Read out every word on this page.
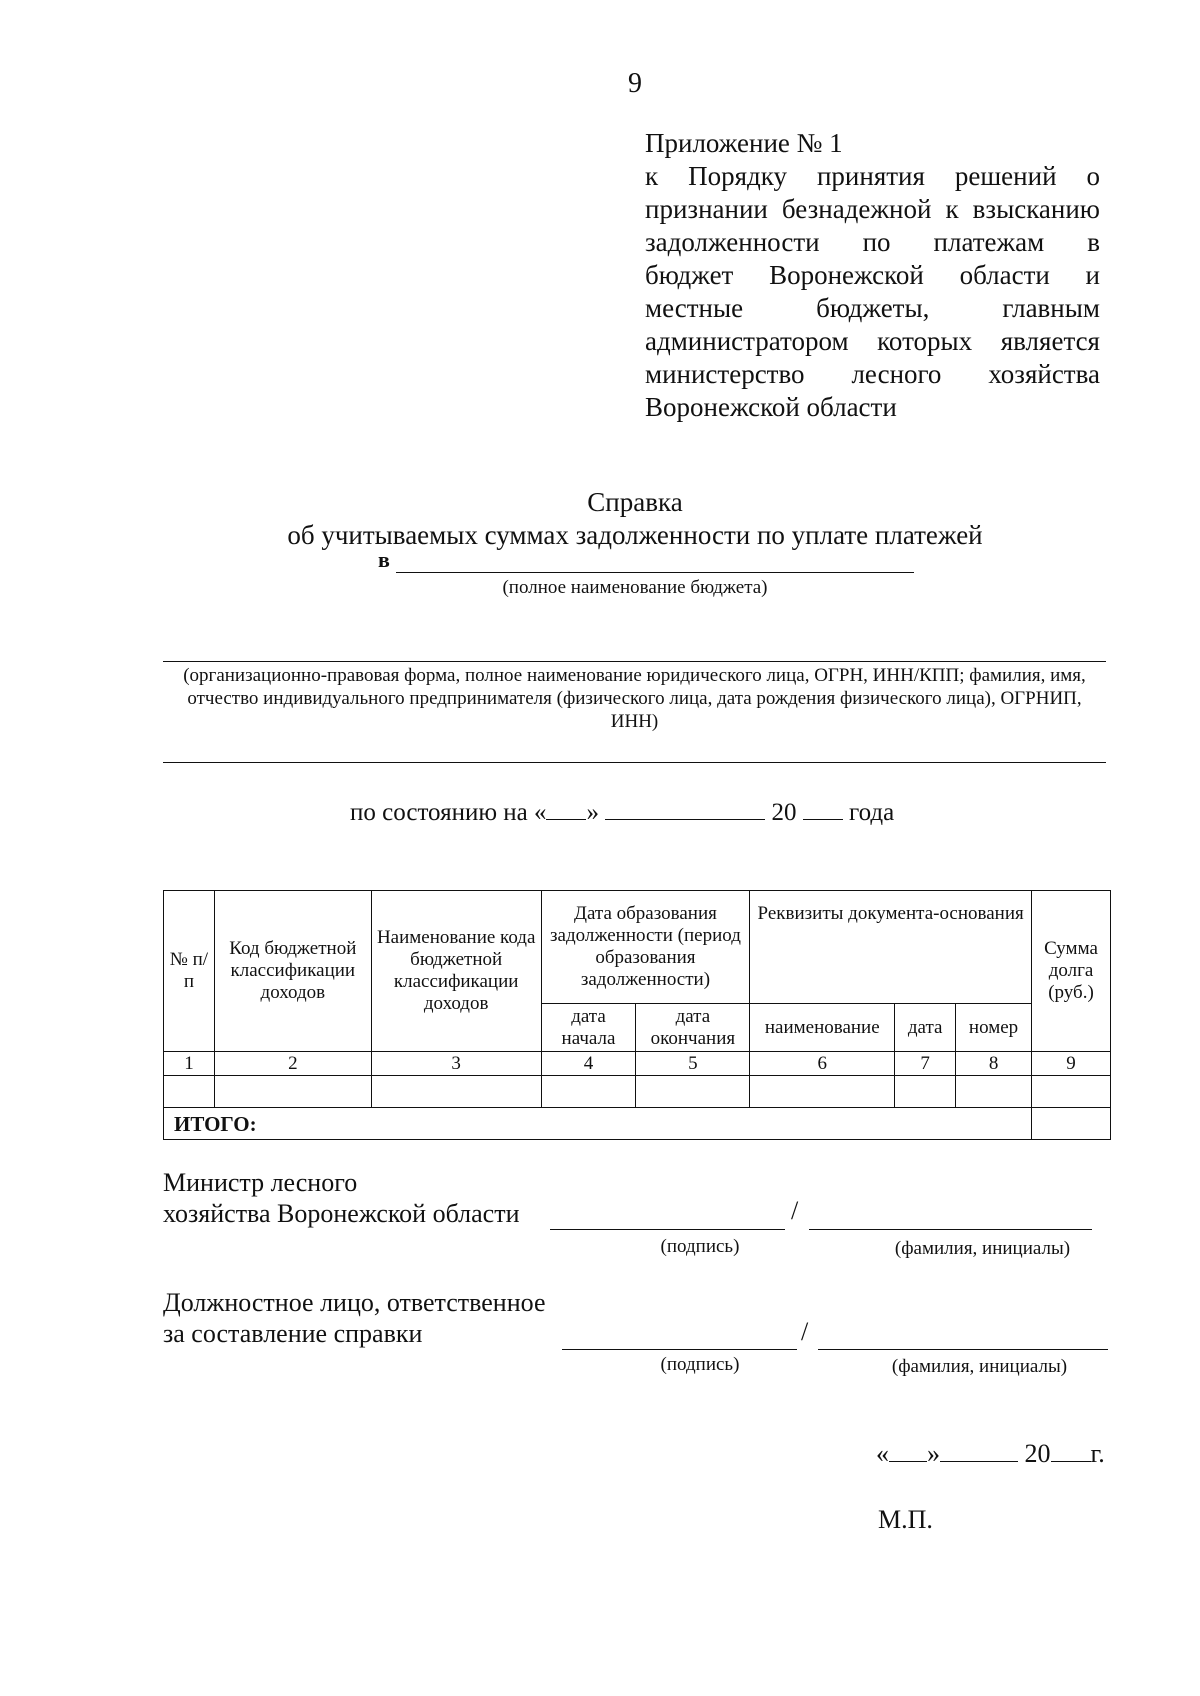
9
Приложение № 1
к Порядку принятия решений о
признании безнадежной к взысканию
задолженности по платежам в
бюджет Воронежской области и
местные	бюджеты,	главным
администратором которых является
министерство лесного хозяйства
Воронежской области
Справка
об учитываемых суммах задолженности по уплате платежей
в
(полное наименование бюджета)
(организационно-правовая форма, полное наименование юридического лица, ОГРН, ИНН/КПП; фамилия, имя, отчество индивидуального предпринимателя (физического лица, дата рождения физического лица), ОГРНИП, ИНН)
по состоянию на « »	20 года
№ п/п	Код бюджетной классификации доходов	Наименование кода бюджетной классификации доходов	Дата образования задолженности (период образования задолженности)		Реквизиты документа-основания			Сумма долга (руб.)
			дата начала	дата окончания	наименование	дата	номер	
1	2	3	4	5	6	7	8	9

ИТОГО:								
Министр лесного
хозяйства Воронежской области	/
(подпись)	(фамилия, инициалы)
Должностное лицо, ответственное
за составление справки	/
(подпись)	(фамилия, инициалы)
« »	20 г.
М.П.
